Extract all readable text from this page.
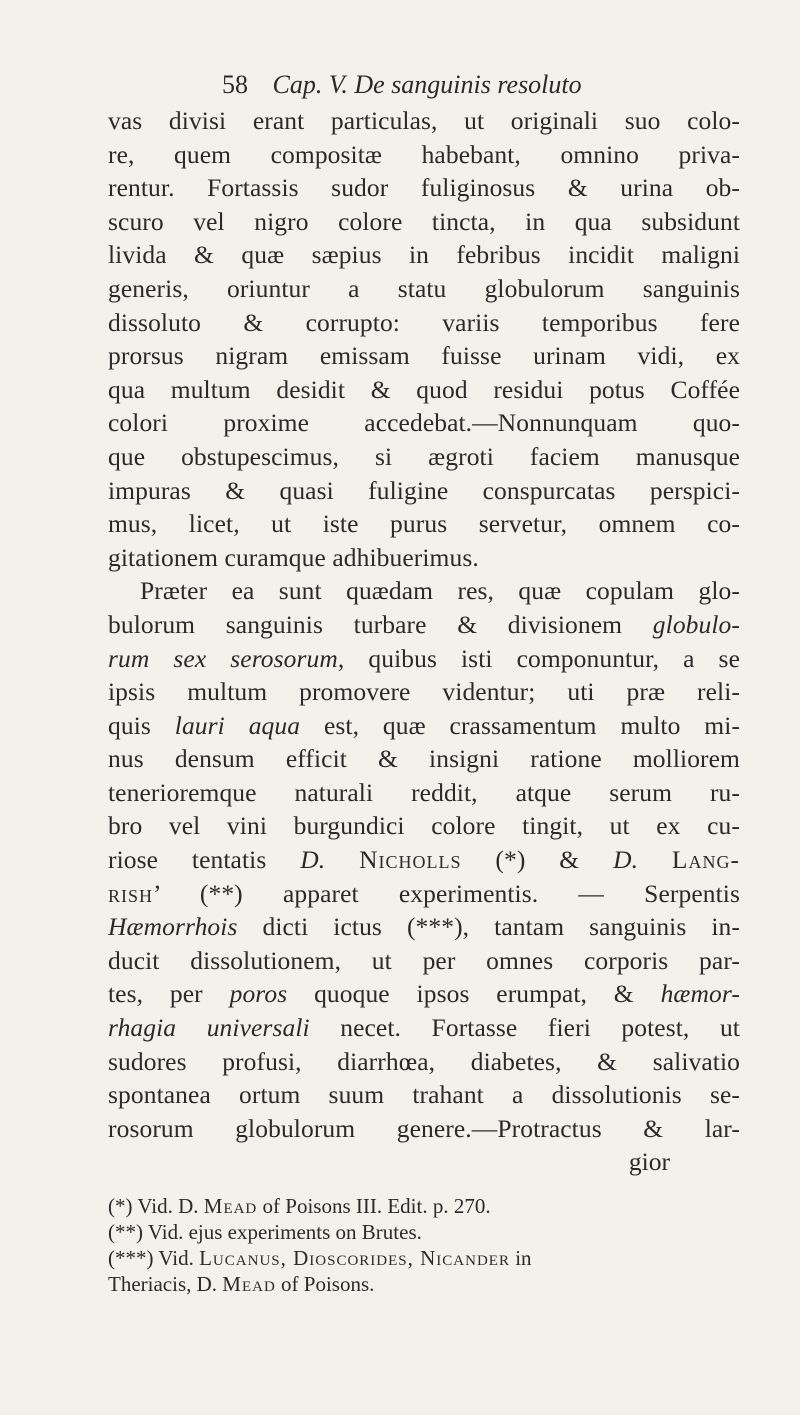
58 Cap. V. De sanguinis resoluto

vas divisi erant particulas, ut originali suo colo-
re, quem compositæ habebant, omnino priva-
rentur. Fortassis sudor fuliginosus & urina ob-
scuro vel nigro colore tincta, in qua subsidunt
livida & quæ sæpius in febribus incidit maligni
generis, oriuntur a statu globulorum sanguinis
dissoluto & corrupto: variis temporibus fere
prorsus nigram emissam fuisse urinam vidi, ex
qua multum desidit & quod residui potus Coffée
colori proxime accedebat.—Nonnunquam quo-
que obstupescimus, si ægroti faciem manusque
impuras & quasi fuligine conspurcatas perspici-
mus, licet, ut iste purus servetur, omnem co-
gitationem curamque adhibuerimus.

Præter ea sunt quædam res, quæ copulam glo-
bulorum sanguinis turbare & divisionem globulo-
rum sex serosorum, quibus isti componuntur, a se
ipsis multum promovere videntur; uti præ reli-
quis lauri aqua est, quæ crassamentum multo mi-
nus densum efficit & insigni ratione molliorem
tenerioremque naturali reddit, atque serum ru-
bro vel vini burgundici colore tingit, ut ex cu-
riose tentatis D. Nicholls (*) & D. Lang-
rish’ (**) apparet experimentis. — Serpentis
Hæmorrhois dicti ictus (***), tantam sanguinis in-
ducit dissolutionem, ut per omnes corporis par-
tes, per poros quoque ipsos erumpat, & hæmor-
rhagia universali necet. Fortasse fieri potest, ut
sudores profusi, diarrhœa, diabetes, & salivatio
spontanea ortum suum trahant a dissolutionis se-
rosorum globulorum genere.—Protractus & lar-

gior
(*) Vid. D. Mead of Poisons III. Edit. p. 270.
(**) Vid. ejus experiments on Brutes.
(***) Vid. Lucanus, Dioscorides, Nicander in
Theriacis, D. Mead of Poisons.
